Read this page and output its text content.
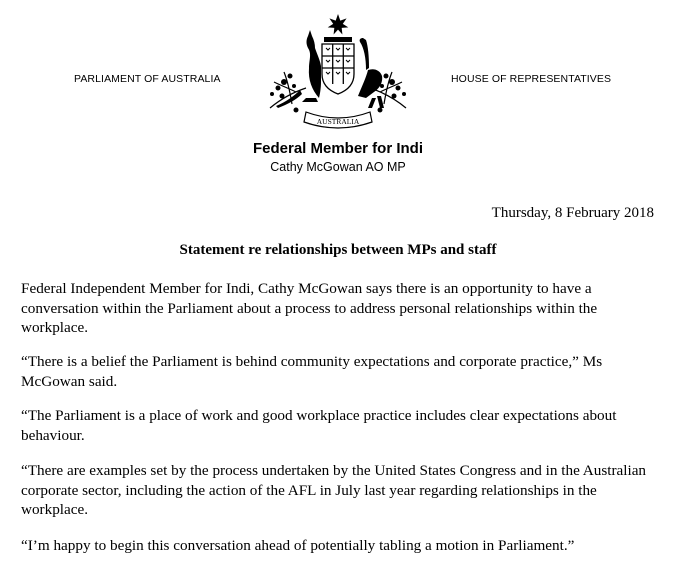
PARLIAMENT OF AUSTRALIA	HOUSE OF REPRESENTATIVES
AUSTRALIA
Federal Member for Indi
Cathy McGowan AO MP
Thursday, 8 February 2018
Statement re relationships between MPs and staff

Federal Independent Member for Indi, Cathy McGowan says there is an opportunity to have a conversation within the Parliament about a process to address personal relationships within the workplace.

“There is a belief the Parliament is behind community expectations and corporate practice,” Ms McGowan said.

“The Parliament is a place of work and good workplace practice includes clear expectations about behaviour.

“There are examples set by the process undertaken by the United States Congress and in the Australian corporate sector, including the action of the AFL in July last year regarding relationships in the workplace.

“I’m happy to begin this conversation ahead of potentially tabling a motion in Parliament.”
